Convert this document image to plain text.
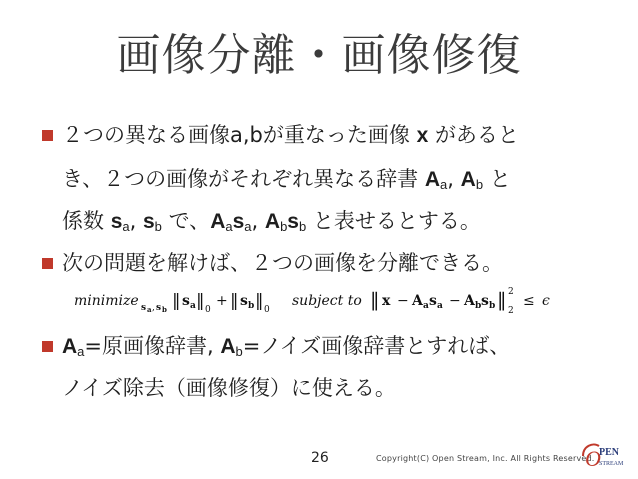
画像分離・画像修復
２つの異なる画像a,bが重なった画像 x があると
き、２つの画像がそれぞれ異なる辞書 $A_a$, $A_b$ と
係数 $s_a$, $s_b$ で、$A_as_a$, $A_bs_b$ と表せるとする。
次の問題を解けば、２つの画像を分離できる。
minimize s a , s b ‖ s a ‖ 0
+ ‖ s b ‖ 0
subject to ‖ x − A a s a − A b s b ‖ 2
2
≤ ϵ
$A_a=$原画像辞書, $A_b=$ノイズ画像辞書とすれば、
ノイズ除去（画像修復）に使える。
26	Copyright(C) Open Stream, Inc. All Rights Reserved.
O
PEN
STREAM
